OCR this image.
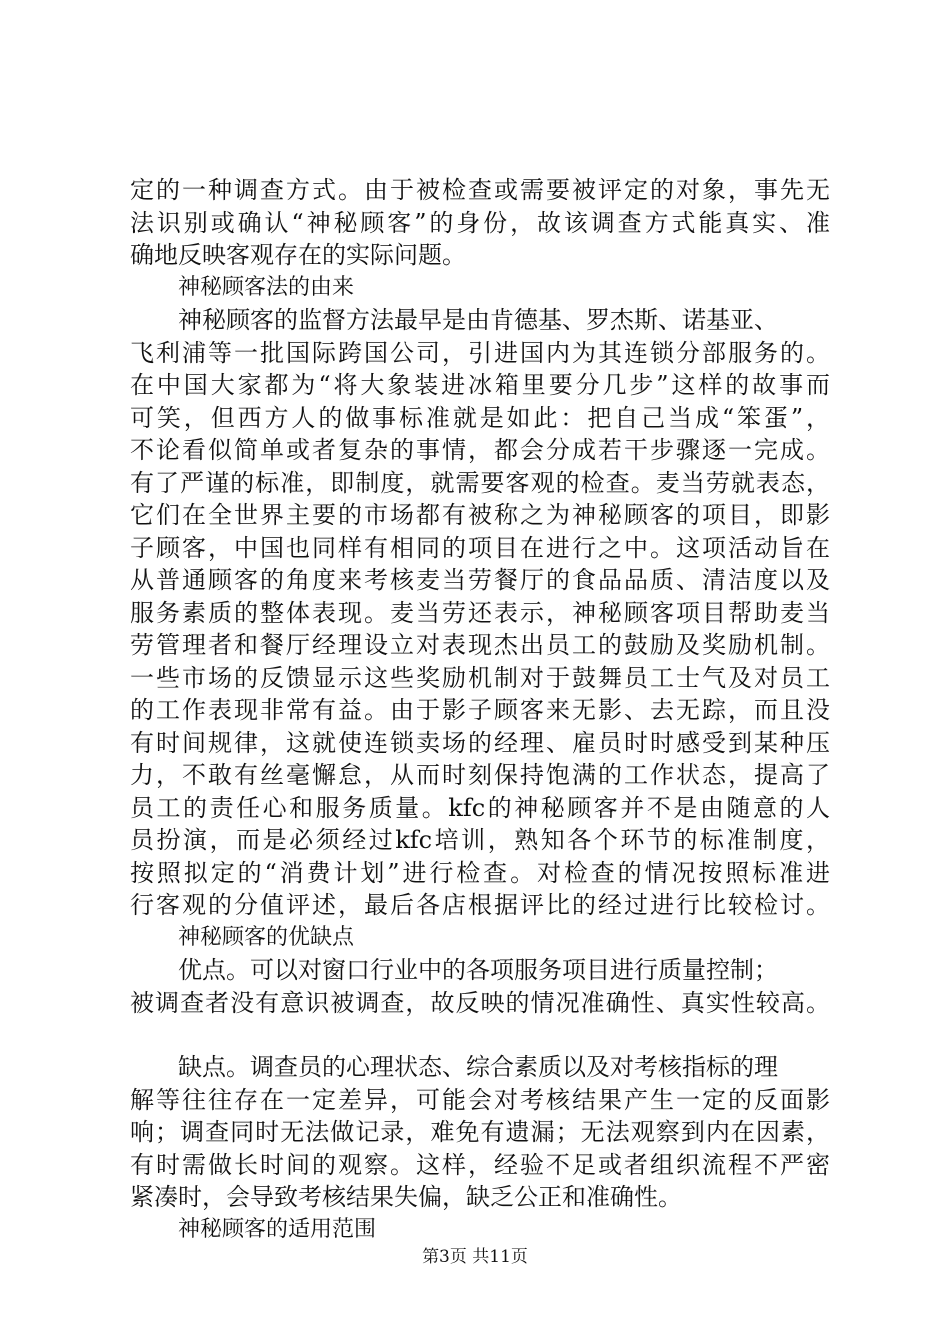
定的一种调查方式。由于被检查或需要被评定的对象，事先无
法识别或确认“神秘顾客”的身份，故该调查方式能真实、准
确地反映客观存在的实际问题。
神秘顾客法的由来
神秘顾客的监督方法最早是由肯德基、罗杰斯、诺基亚、
飞利浦等一批国际跨国公司，引进国内为其连锁分部服务的。
在中国大家都为“将大象装进冰箱里要分几步”这样的故事而
可笑，但西方人的做事标准就是如此：把自己当成“笨蛋”，
不论看似简单或者复杂的事情，都会分成若干步骤逐一完成。
有了严谨的标准，即制度，就需要客观的检查。麦当劳就表态，
它们在全世界主要的市场都有被称之为神秘顾客的项目，即影
子顾客，中国也同样有相同的项目在进行之中。这项活动旨在
从普通顾客的角度来考核麦当劳餐厅的食品品质、清洁度以及
服务素质的整体表现。麦当劳还表示，神秘顾客项目帮助麦当
劳管理者和餐厅经理设立对表现杰出员工的鼓励及奖励机制。
一些市场的反馈显示这些奖励机制对于鼓舞员工士气及对员工
的工作表现非常有益。由于影子顾客来无影、去无踪，而且没
有时间规律，这就使连锁卖场的经理、雇员时时感受到某种压
力，不敢有丝毫懈怠，从而时刻保持饱满的工作状态，提高了
员工的责任心和服务质量。kfc的神秘顾客并不是由随意的人
员扮演，而是必须经过kfc培训，熟知各个环节的标准制度，
按照拟定的“消费计划”进行检查。对检查的情况按照标准进
行客观的分值评述，最后各店根据评比的经过进行比较检讨。
神秘顾客的优缺点
优点。可以对窗口行业中的各项服务项目进行质量控制；
被调查者没有意识被调查，故反映的情况准确性、真实性较高。
缺点。调查员的心理状态、综合素质以及对考核指标的理
解等往往存在一定差异，可能会对考核结果产生一定的反面影
响；调查同时无法做记录，难免有遗漏；无法观察到内在因素，
有时需做长时间的观察。这样，经验不足或者组织流程不严密
紧凑时，会导致考核结果失偏，缺乏公正和准确性。
神秘顾客的适用范围
第3页 共11页
